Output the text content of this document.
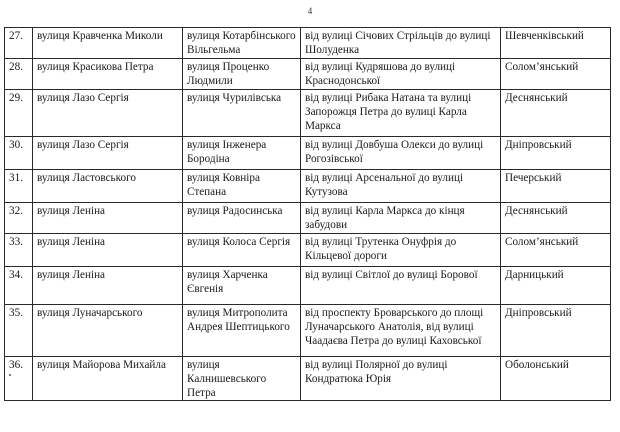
4
27.	вулиця Кравченка Миколи	вулиця Котарбінського Вільгельма	від вулиці Січових Стрільців до вулиці Шолуденка	Шевченківський
28.	вулиця Красикова Петра	вулиця Проценко Людмили	від вулиці Кудряшова до вулиці Краснодонської	Солом’янський
29.	вулиця Лазо Сергія	вулиця Чурилівська	від вулиці Рибака Натана та вулиці Запорожця Петра до вулиці Карла Маркса	Деснянський
30.	вулиця Лазо Сергія	вулиця Інженера Бородіна	від вулиці Довбуша Олекси до вулиці Рогозівської	Дніпровський
31.	вулиця Ластовського	вулиця Ковніра Степана	від вулиці Арсенальної до вулиці Кутузова	Печерський
32.	вулиця Леніна	вулиця Радосинська	від вулиці Карла Маркса до кінця забудови	Деснянський
33.	вулиця Леніна	вулиця Колоса Сергія	від вулиці Трутенка Онуфрія до Кільцевої дороги	Солом’янський
34.	вулиця Леніна	вулиця Харченка Євгенія	від вулиці Світлої до вулиці Борової	Дарницький
35.	вулиця Луначарського	вулиця Митрополита Андрея Шептицького	від проспекту Броварського до площі Луначарського Анатолія, від вулиці Чаадаєва Петра до вулиці Каховської	Дніпровський
36.	вулиця Майорова Михайла	вулиця Калнишевського Петра	від вулиці Полярної до вулиці Кондратюка Юрія	Оболонський
